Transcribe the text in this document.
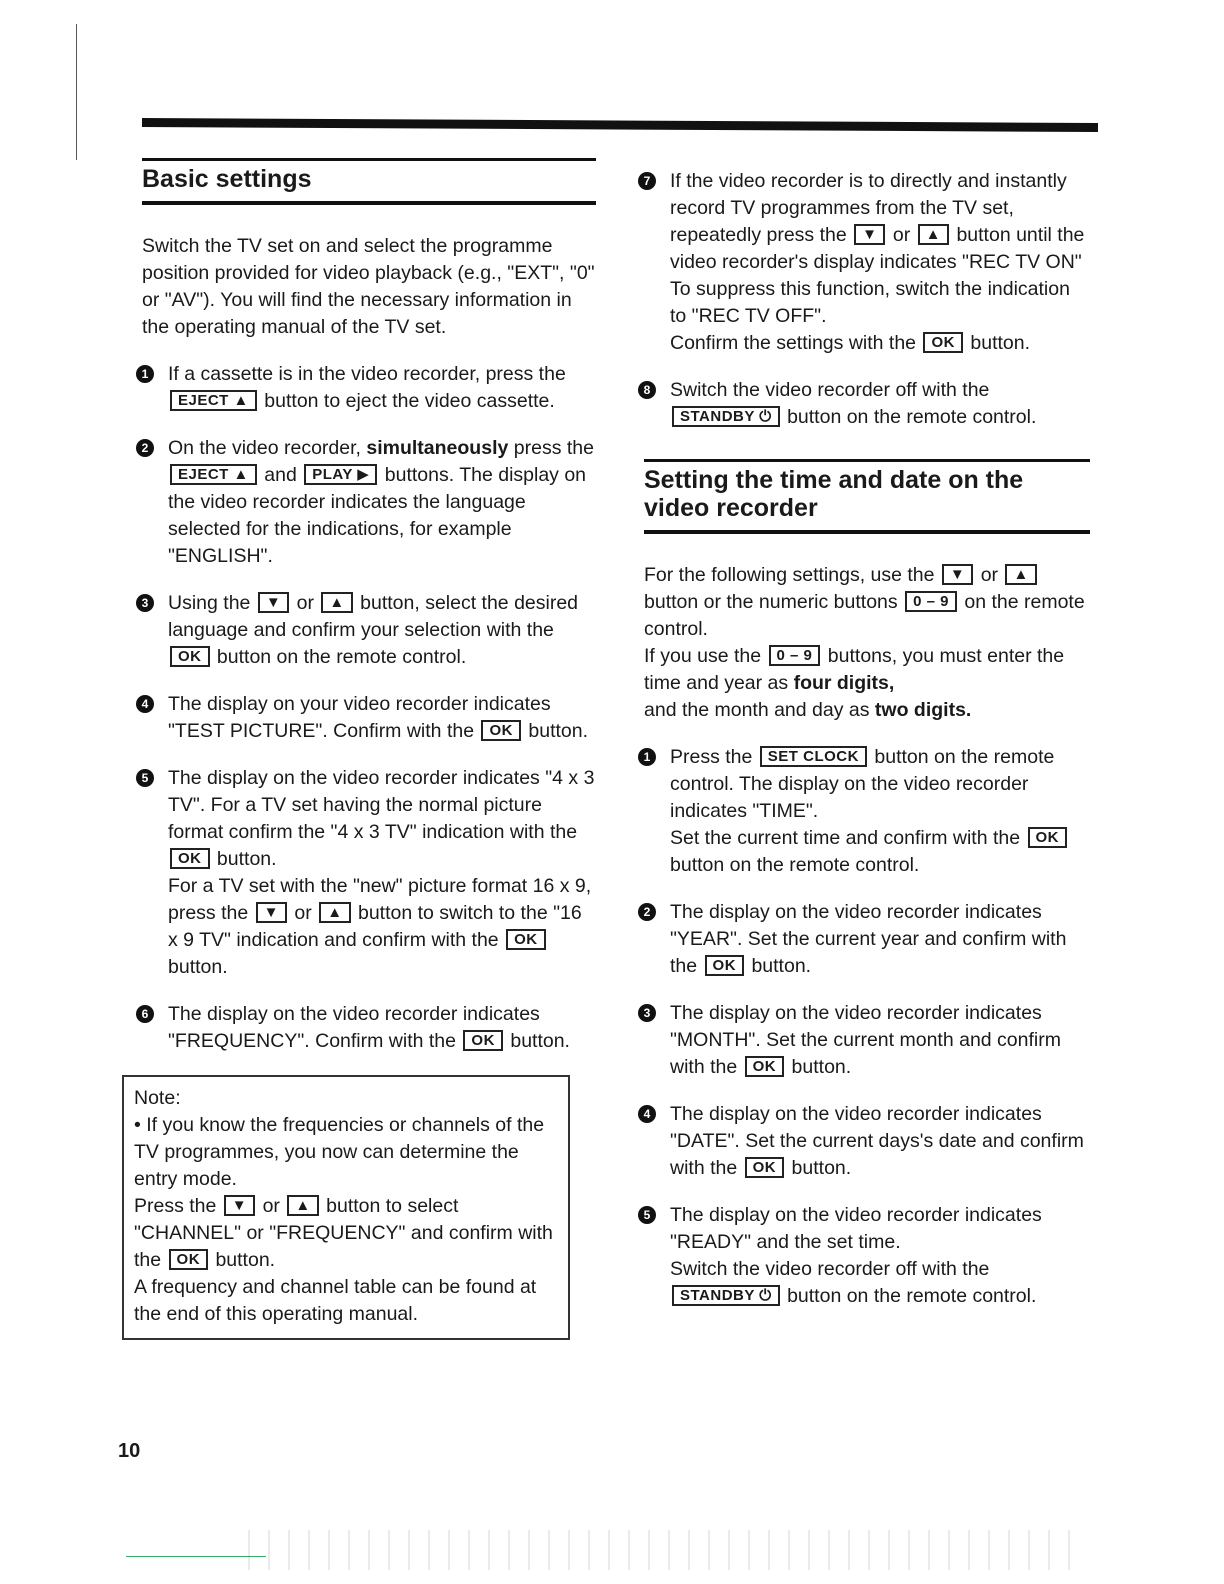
Basic settings

Switch the TV set on and select the programme position provided for video playback (e.g., "EXT", "0" or "AV"). You will find the necessary information in the operating manual of the TV set.

1 If a cassette is in the video recorder, press the EJECT ▲ button to eject the video cassette.

2 On the video recorder, simultaneously press the EJECT ▲ and PLAY ▶ buttons. The display on the video recorder indicates the language selected for the indications, for example "ENGLISH".

3 Using the ▼ or ▲ button, select the desired language and confirm your selection with the OK button on the remote control.

4 The display on your video recorder indicates "TEST PICTURE". Confirm with the OK button.

5 The display on the video recorder indicates "4 x 3 TV". For a TV set having the normal picture format confirm the "4 x 3 TV" indication with the OK button.
For a TV set with the "new" picture format 16 x 9, press the ▼ or ▲ button to switch to the "16 x 9 TV" indication and confirm with the OK button.

6 The display on the video recorder indicates "FREQUENCY". Confirm with the OK button.

Note:

• If you know the frequencies or channels of the TV programmes, you now can determine the entry mode.

Press the ▼ or ▲ button to select "CHANNEL" or "FREQUENCY" and confirm with the OK button.

A frequency and channel table can be found at the end of this operating manual.

7 If the video recorder is to directly and instantly record TV programmes from the TV set, repeatedly press the ▼ or ▲ button until the video recorder's display indicates "REC TV ON"
To suppress this function, switch the indication to "REC TV OFF".
Confirm the settings with the OK button.

8 Switch the video recorder off with the STANDBY ⏻ button on the remote control.

Setting the time and date on the video recorder

For the following settings, use the ▼ or ▲ button or the numeric buttons 0 – 9 on the remote control.
If you use the 0 – 9 buttons, you must enter the time and year as four digits,
and the month and day as two digits.

1 Press the SET CLOCK button on the remote control. The display on the video recorder indicates "TIME".
Set the current time and confirm with the OK button on the remote control.

2 The display on the video recorder indicates "YEAR". Set the current year and confirm with the OK button.

3 The display on the video recorder indicates "MONTH". Set the current month and confirm with the OK button.

4 The display on the video recorder indicates "DATE". Set the current days's date and confirm with the OK button.

5 The display on the video recorder indicates "READY" and the set time.
Switch the video recorder off with the STANDBY ⏻ button on the remote control.

10
